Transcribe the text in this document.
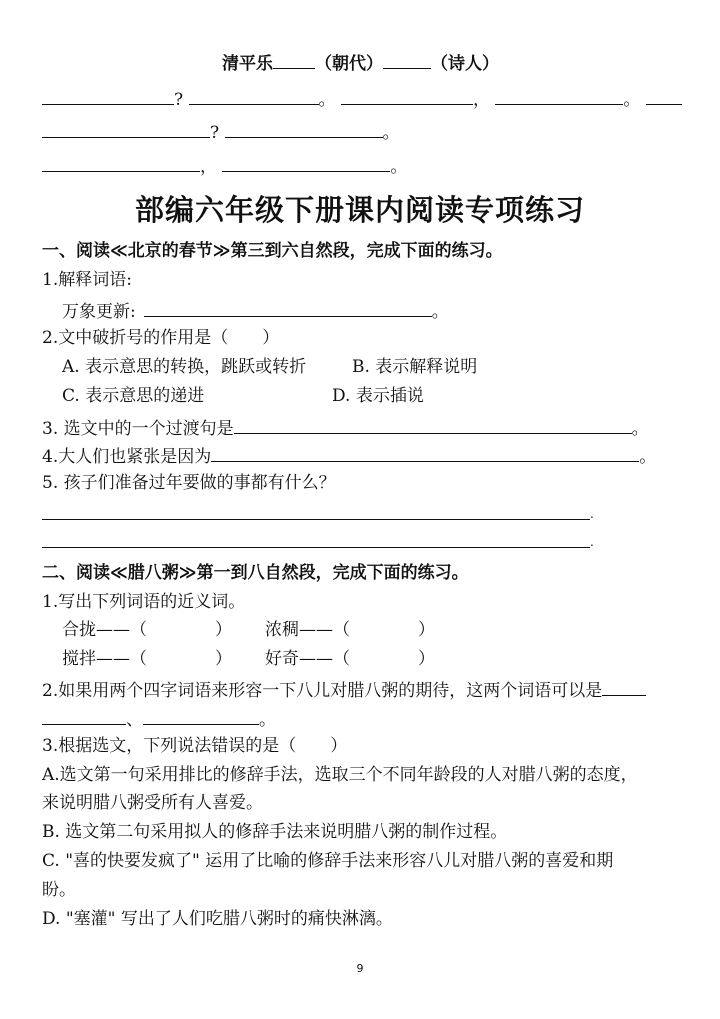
清平乐 （朝代）	（诗人）
?	。	，	。
?	。
，	。
部编六年级下册课内阅读专项练习
一、阅读≪北京的春节≫第三到六自然段，完成下面的练习。
1.解释词语:
万象更新:	。
2.文中破折号的作用是（　　）
A. 表示意思的转换，跳跃或转折	B. 表示解释说明
C. 表示意思的递进	D. 表示插说
3. 选文中的一个过渡句是	。
4.大人们也紧张是因为	。
5. 孩子们准备过年要做的事都有什么？
.
.
二、阅读≪腊八粥≫第一到八自然段，完成下面的练习。
1.写出下列词语的近义词。
合拢——（　　　　） 浓稠——（　　　　）
搅拌——（　　　　） 好奇——（　　　　）
2.如果用两个四字词语来形容一下八儿对腊八粥的期待，这两个词语可以是
、	。
3.根据选文，下列说法错误的是（　　）
A.选文第一句采用排比的修辞手法，选取三个不同年龄段的人对腊八粥的态度，
来说明腊八粥受所有人喜爱。
B. 选文第二句采用拟人的修辞手法来说明腊八粥的制作过程。
C. "喜的快要发疯了" 运用了比喻的修辞手法来形容八儿对腊八粥的喜爱和期
盼。
D. "塞灌" 写出了人们吃腊八粥时的痛快淋漓。
9
